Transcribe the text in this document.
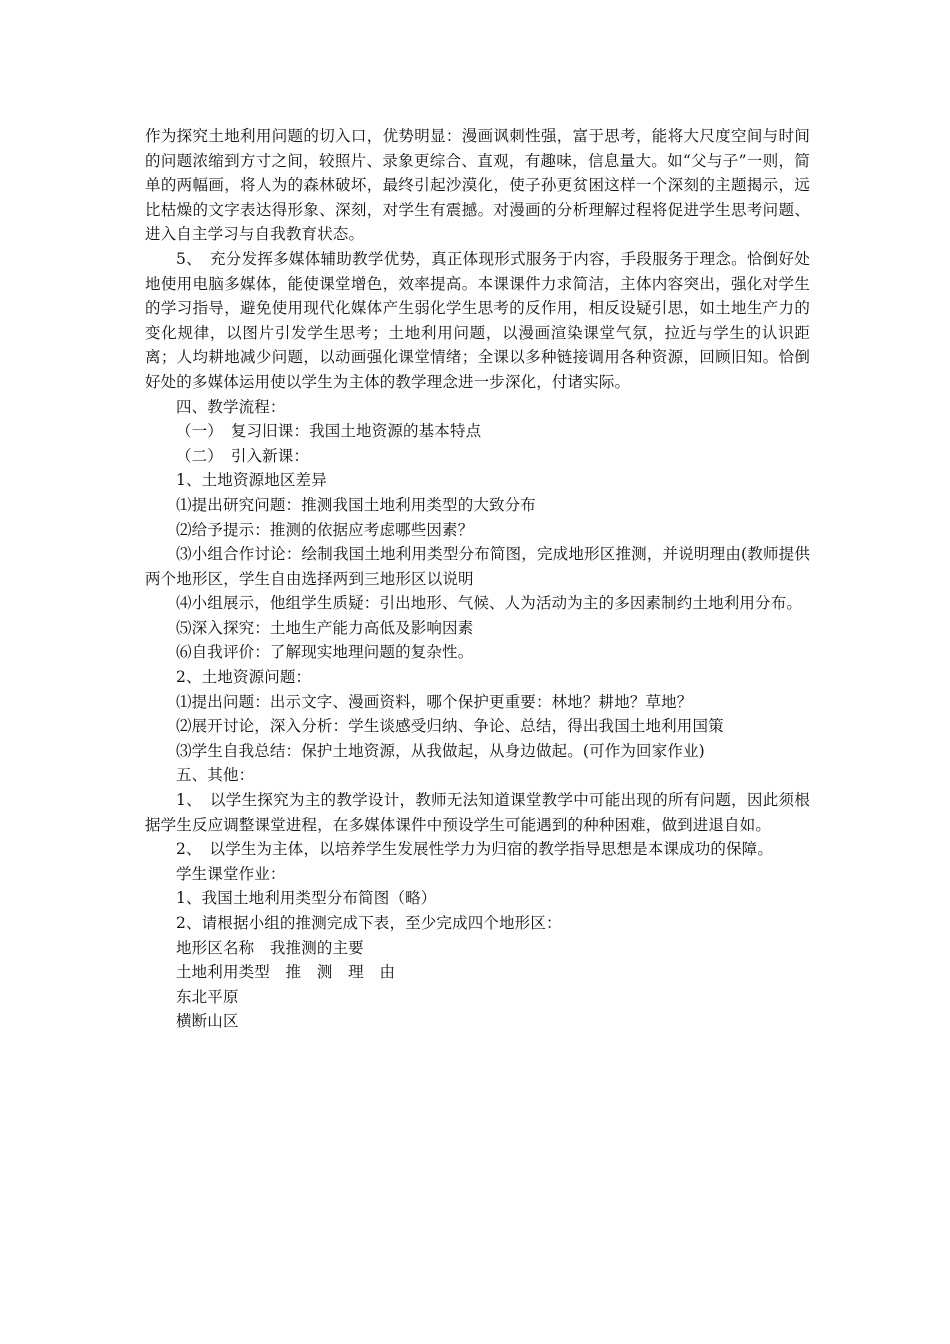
作为探究土地利用问题的切入口，优势明显：漫画讽刺性强，富于思考，能将大尺度空间与时间的问题浓缩到方寸之间，较照片、录象更综合、直观，有趣味，信息量大。如“父与子”一则，简单的两幅画，将人为的森林破坏，最终引起沙漠化，使子孙更贫困这样一个深刻的主题揭示，远比枯燥的文字表达得形象、深刻，对学生有震撼。对漫画的分析理解过程将促进学生思考问题、进入自主学习与自我教育状态。

5、　充分发挥多媒体辅助教学优势，真正体现形式服务于内容，手段服务于理念。恰倒好处地使用电脑多媒体，能使课堂增色，效率提高。本课课件力求简洁，主体内容突出，强化对学生的学习指导，避免使用现代化媒体产生弱化学生思考的反作用，相反设疑引思，如土地生产力的变化规律，以图片引发学生思考；土地利用问题，以漫画渲染课堂气氛，拉近与学生的认识距离；人均耕地减少问题，以动画强化课堂情绪；全课以多种链接调用各种资源，回顾旧知。恰倒好处的多媒体运用使以学生为主体的教学理念进一步深化，付诸实际。

四、教学流程：

（一）　复习旧课：我国土地资源的基本特点

（二）　引入新课：

1、土地资源地区差异

⑴提出研究问题：推测我国土地利用类型的大致分布

⑵给予提示：推测的依据应考虑哪些因素？

⑶小组合作讨论：绘制我国土地利用类型分布简图，完成地形区推测，并说明理由(教师提供两个地形区，学生自由选择两到三地形区以说明

⑷小组展示，他组学生质疑：引出地形、气候、人为活动为主的多因素制约土地利用分布。

⑸深入探究：土地生产能力高低及影响因素

⑹自我评价：了解现实地理问题的复杂性。

2、土地资源问题：

⑴提出问题：出示文字、漫画资料，哪个保护更重要：林地？耕地？草地？

⑵展开讨论，深入分析：学生谈感受归纳、争论、总结，得出我国土地利用国策

⑶学生自我总结：保护土地资源，从我做起，从身边做起。(可作为回家作业)

五、其他：

1、　以学生探究为主的教学设计，教师无法知道课堂教学中可能出现的所有问题，因此须根据学生反应调整课堂进程，在多媒体课件中预设学生可能遇到的种种困难，做到进退自如。

2、　以学生为主体，以培养学生发展性学力为归宿的教学指导思想是本课成功的保障。

学生课堂作业：

1、我国土地利用类型分布简图（略）

2、请根据小组的推测完成下表，至少完成四个地形区：

地形区名称　我推测的主要

土地利用类型　推　测　理　由

东北平原

横断山区
